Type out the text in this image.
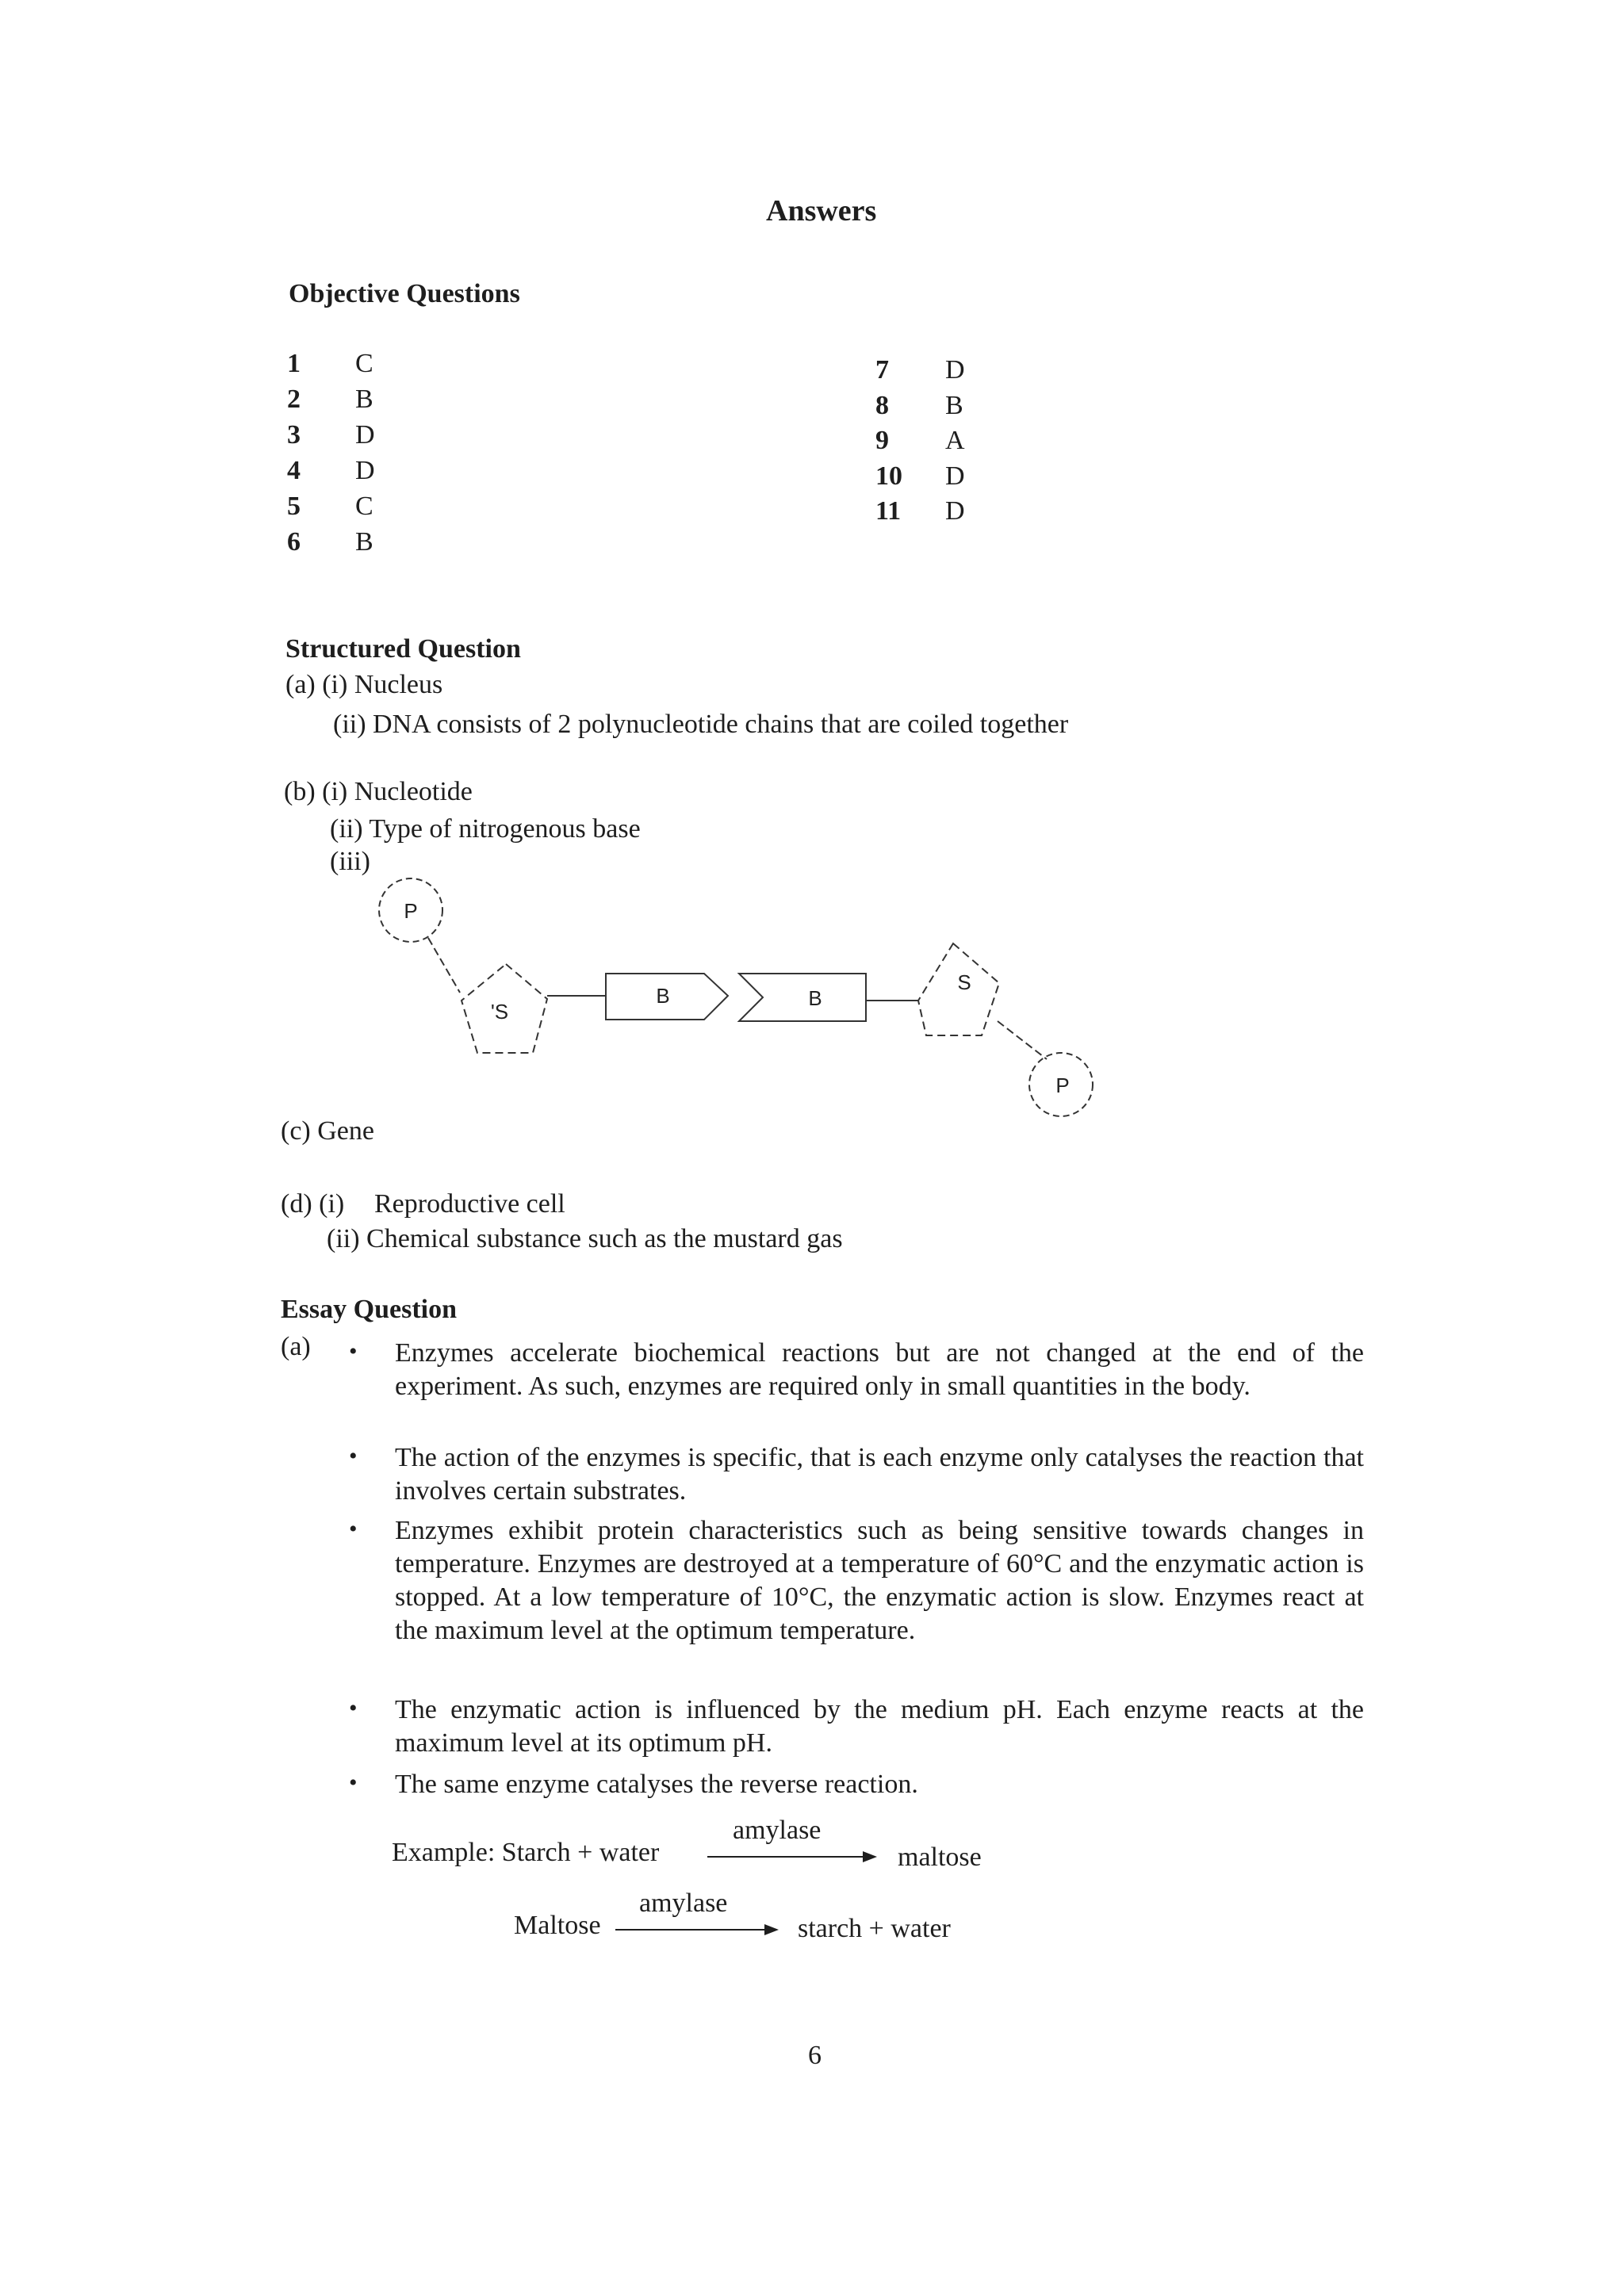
Answers
Objective Questions
1 C
2 B
3 D
4 D
5 C
6 B
7 D
8 B
9 A
10 D
11 D
Structured Question
(a) (i) Nucleus
(ii) DNA consists of 2 polynucleotide chains that are coiled together
(b) (i) Nucleotide
(ii) Type of nitrogenous base
(iii)
P
'S
B	B
S
P
(c) Gene
(d) (i) Reproductive cell
(ii) Chemical substance such as the mustard gas
Essay Question
(a) • Enzymes accelerate biochemical reactions but are not changed at the end of the experiment. As such, enzymes are required only in small quantities in the body.
• The action of the enzymes is specific, that is each enzyme only catalyses the reaction that involves certain substrates.
• Enzymes exhibit protein characteristics such as being sensitive towards changes in temperature. Enzymes are destroyed at a temperature of 60°C and the enzymatic action is stopped. At a low temperature of 10°C, the enzymatic action is slow. Enzymes react at the maximum level at the optimum temperature.
• The enzymatic action is influenced by the medium pH. Each enzyme reacts at the maximum level at its optimum pH.
• The same enzyme catalyses the reverse reaction.
Example: Starch + water
amylase
maltose
Maltose
amylase
starch + water
6
